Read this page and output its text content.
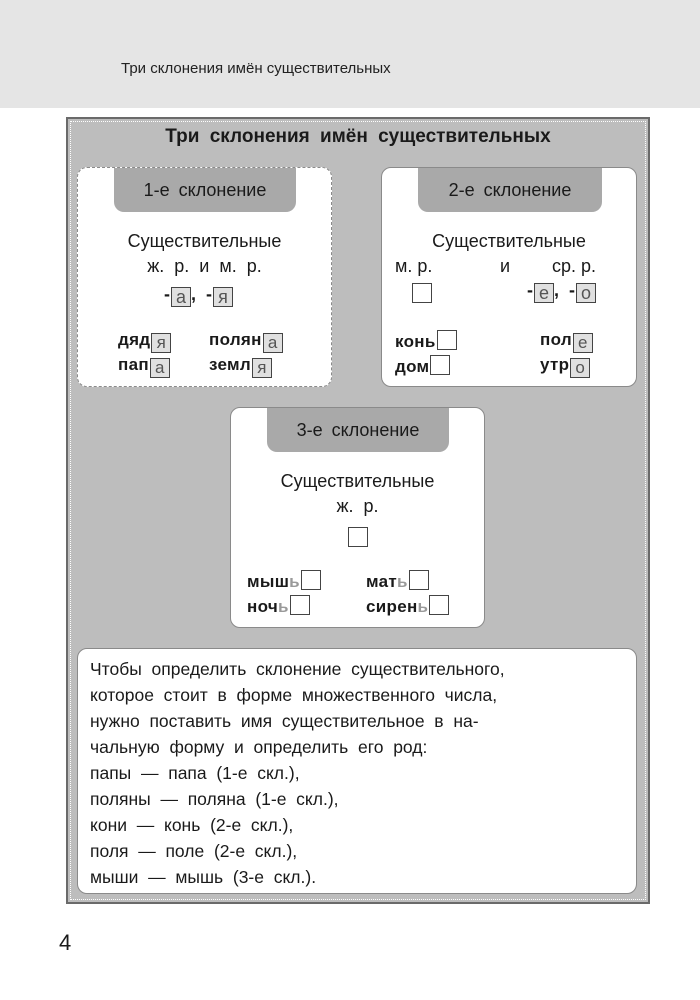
Три склонения имён существительных
Три склонения имён существительных
1-е склонение
Существительные
ж.  р.  и  м.  р.
- а , - я
дяд я	полян а
пап а	земл я
2-е склонение
Существительные
м. р.	и ср. р.
- е , - о
конь	пол е
дом	утр о
3-е склонение
Существительные
ж.  р.
мышь	мать
ночь	сирень
Чтобы  определить  склонение  существительного,
которое  стоит  в  форме  множественного  числа,
нужно  поставить  имя  существительное  в  на-
чальную  форму  и  определить  его  род:
папы  —  папа  (1-е  скл.),
поляны  —  поляна  (1-е  скл.),
кони  —  конь  (2-е  скл.),
поля  —  поле  (2-е  скл.),
мыши  —  мышь  (3-е  скл.).
4
